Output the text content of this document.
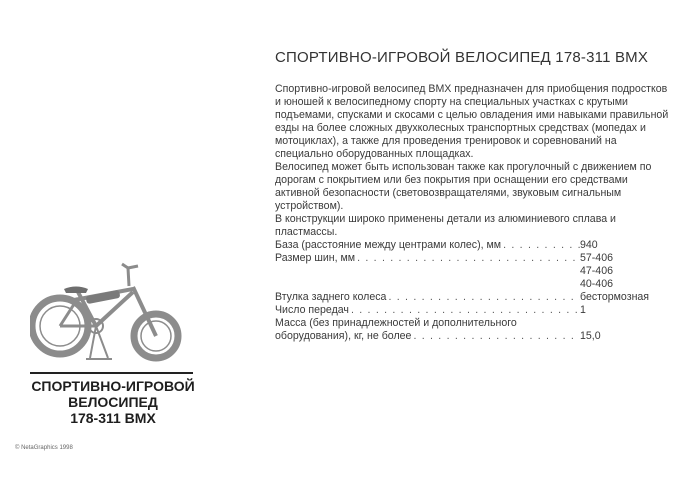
СПОРТИВНО-ИГРОВОЙ ВЕЛОСИПЕД 178-311 BMX

Спортивно-игровой велосипед BMX предназначен для приобщения подростков и юношей к велосипедному спорту на специальных участках с крутыми подъемами, спусками и скосами с целью овладения ими навыками правильной езды на более сложных двухколесных транспортных средствах (мопедах и мотоциклах), а также для проведения тренировок и соревнований на специально оборудованных площадках.

Велосипед может быть использован также как прогулочный с движением по дорогам с покрытием или без покрытия при оснащении его средствами активной безопасности (световозвращателями, звуковым сигнальным устройством).

В конструкции широко применены детали из алюминиевого сплава и пластмассы.

База (расстояние между центрами колес), мм . . .	940
Размер шин, мм . . .	57-406
47-406
40-406
Втулка заднего колеса . . .	бестормозная
Число передач . . .	1
Масса (без принадлежностей и дополнительного
оборудования), кг, не более . . .	15,0
СПОРТИВНО-ИГРОВОЙ
ВЕЛОСИПЕД
178-311 BMX
© NetaGraphics 1998
